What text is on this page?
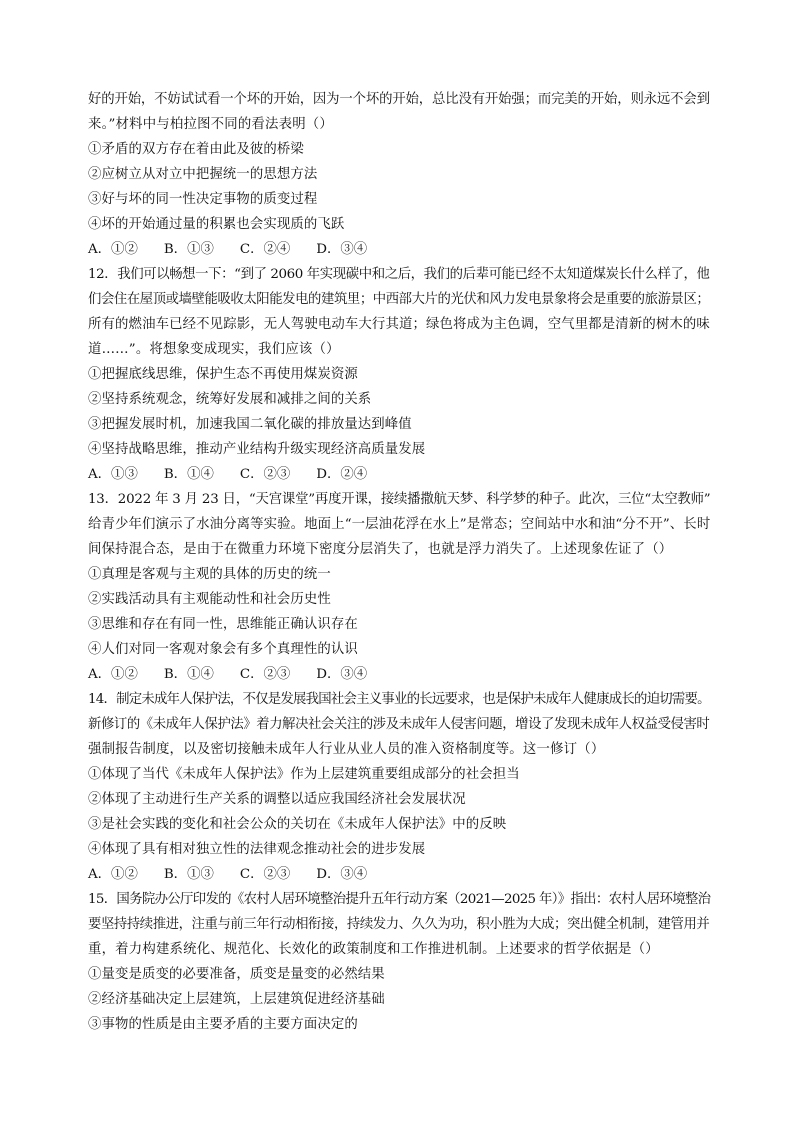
好的开始，不妨试试看一个坏的开始，因为一个坏的开始，总比没有开始强；而完美的开始，则永远不会到
来。”材料中与柏拉图不同的看法表明（）
①矛盾的双方存在着由此及彼的桥梁
②应树立从对立中把握统一的思想方法
③好与坏的同一性决定事物的质变过程
④坏的开始通过量的积累也会实现质的飞跃
A．①② B．①③ C．②④ D．③④
12．我们可以畅想一下：“到了 2060 年实现碳中和之后，我们的后辈可能已经不太知道煤炭长什么样了，他
们会住在屋顶或墙壁能吸收太阳能发电的建筑里；中西部大片的光伏和风力发电景象将会是重要的旅游景区；
所有的燃油车已经不见踪影，无人驾驶电动车大行其道；绿色将成为主色调，空气里都是清新的树木的味
道……”。将想象变成现实，我们应该（）
①把握底线思维，保护生态不再使用煤炭资源
②坚持系统观念，统筹好发展和减排之间的关系
③把握发展时机，加速我国二氧化碳的排放量达到峰值
④坚持战略思维，推动产业结构升级实现经济高质量发展
A．①③ B．①④ C．②③ D．②④
13．2022 年 3 月 23 日，“天宫课堂”再度开课，接续播撒航天梦、科学梦的种子。此次，三位“太空教师”
给青少年们演示了水油分离等实验。地面上“一层油花浮在水上”是常态；空间站中水和油“分不开”、长时
间保持混合态，是由于在微重力环境下密度分层消失了，也就是浮力消失了。上述现象佐证了（）
①真理是客观与主观的具体的历史的统一
②实践活动具有主观能动性和社会历史性
③思维和存在有同一性，思维能正确认识存在
④人们对同一客观对象会有多个真理性的认识
A．①② B．①④ C．②③ D．③④
14．制定未成年人保护法，不仅是发展我国社会主义事业的长远要求，也是保护未成年人健康成长的迫切需要。
新修订的《未成年人保护法》着力解决社会关注的涉及未成年人侵害问题，增设了发现未成年人权益受侵害时
强制报告制度，以及密切接触未成年人行业从业人员的准入资格制度等。这一修订（）
①体现了当代《未成年人保护法》作为上层建筑重要组成部分的社会担当
②体现了主动进行生产关系的调整以适应我国经济社会发展状况
③是社会实践的变化和社会公众的关切在《未成年人保护法》中的反映
④体现了具有相对独立性的法律观念推动社会的进步发展
A．①② B．①③ C．②③ D．③④
15．国务院办公厅印发的《农村人居环境整治提升五年行动方案（2021—2025 年）》指出：农村人居环境整治
要坚持持续推进，注重与前三年行动相衔接，持续发力、久久为功，积小胜为大成；突出健全机制，建管用并
重，着力构建系统化、规范化、长效化的政策制度和工作推进机制。上述要求的哲学依据是（）
①量变是质变的必要准备，质变是量变的必然结果
②经济基础决定上层建筑，上层建筑促进经济基础
③事物的性质是由主要矛盾的主要方面决定的
